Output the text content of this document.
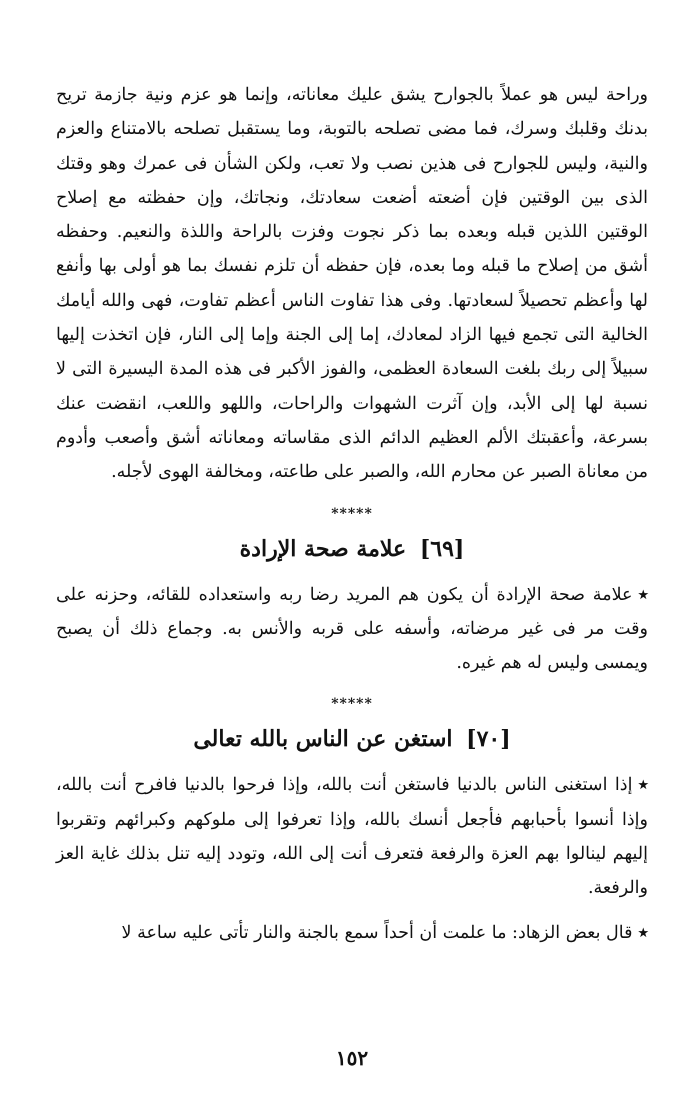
وراحة ليس هو عملاً بالجوارح يشق عليك معاناته، وإنما هو عزم ونية جازمة تريح بدنك وقلبك وسرك، فما مضى تصلحه بالتوبة، وما يستقبل تصلحه بالامتناع والعزم والنية، وليس للجوارح فى هذين نصب ولا تعب، ولكن الشأن فى عمرك وهو وقتك الذى بين الوقتين فإن أضعته أضعت سعادتك، ونجاتك، وإن حفظته مع إصلاح الوقتين اللذين قبله وبعده بما ذكر نجوت وفزت بالراحة واللذة والنعيم. وحفظه أشق من إصلاح ما قبله وما بعده، فإن حفظه أن تلزم نفسك بما هو أولى بها وأنفع لها وأعظم تحصيلاً لسعادتها. وفى هذا تفاوت الناس أعظم تفاوت، فهى والله أيامك الخالية التى تجمع فيها الزاد لمعادك، إما إلى الجنة وإما إلى النار، فإن اتخذت إليها سبيلاً إلى ربك بلغت السعادة العظمى، والفوز الأكبر فى هذه المدة اليسيرة التى لا نسبة لها إلى الأبد، وإن آثرت الشهوات والراحات، واللهو واللعب، انقضت عنك بسرعة، وأعقبتك الألم العظيم الدائم الذى مقاساته ومعاناته أشق وأصعب وأدوم من معاناة الصبر عن محارم الله، والصبر على طاعته، ومخالفة الهوى لأجله.

*****
[٦٩] علامة صحة الإرادة

٭ علامة صحة الإرادة أن يكون هم المريد رضا ربه واستعداده للقائه، وحزنه على وقت مر فى غير مرضاته، وأسفه على قربه والأنس به. وجماع ذلك أن يصبح ويمسى وليس له هم غيره.

*****
[٧٠] استغن عن الناس بالله تعالى

٭ إذا استغنى الناس بالدنيا فاستغن أنت بالله، وإذا فرحوا بالدنيا فافرح أنت بالله، وإذا أنسوا بأحبابهم فأجعل أنسك بالله، وإذا تعرفوا إلى ملوكهم وكبرائهم وتقربوا إليهم لينالوا بهم العزة والرفعة فتعرف أنت إلى الله، وتودد إليه تنل بذلك غاية العز والرفعة.

٭ قال بعض الزهاد: ما علمت أن أحداً سمع بالجنة والنار تأتى عليه ساعة لا

١٥٢
